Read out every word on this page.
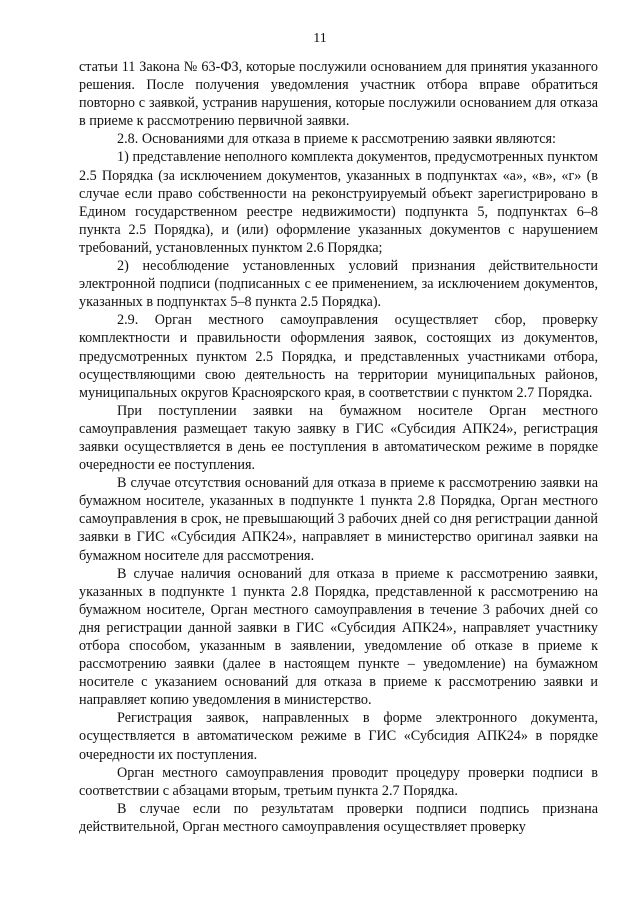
11

статьи 11 Закона № 63-ФЗ, которые послужили основанием для принятия указанного решения. После получения уведомления участник отбора вправе обратиться повторно с заявкой, устранив нарушения, которые послужили основанием для отказа в приеме к рассмотрению первичной заявки.

2.8. Основаниями для отказа в приеме к рассмотрению заявки являются:

1) представление неполного комплекта документов, предусмотренных пунктом 2.5 Порядка (за исключением документов, указанных в подпунктах «а», «в», «г» (в случае если право собственности на реконструируемый объект зарегистрировано в Едином государственном реестре недвижимости) подпункта 5, подпунктах 6–8 пункта 2.5 Порядка), и (или) оформление указанных документов с нарушением требований, установленных пунктом 2.6 Порядка;

2) несоблюдение установленных условий признания действительности электронной подписи (подписанных с ее применением, за исключением документов, указанных в подпунктах 5–8 пункта 2.5 Порядка).

2.9. Орган местного самоуправления осуществляет сбор, проверку комплектности и правильности оформления заявок, состоящих из документов, предусмотренных пунктом 2.5 Порядка, и представленных участниками отбора, осуществляющими свою деятельность на территории муниципальных районов, муниципальных округов Красноярского края, в соответствии с пунктом 2.7 Порядка.

При поступлении заявки на бумажном носителе Орган местного самоуправления размещает такую заявку в ГИС «Субсидия АПК24», регистрация заявки осуществляется в день ее поступления в автоматическом режиме в порядке очередности ее поступления.

В случае отсутствия оснований для отказа в приеме к рассмотрению заявки на бумажном носителе, указанных в подпункте 1 пункта 2.8 Порядка, Орган местного самоуправления в срок, не превышающий 3 рабочих дней со дня регистрации данной заявки в ГИС «Субсидия АПК24», направляет в министерство оригинал заявки на бумажном носителе для рассмотрения.

В случае наличия оснований для отказа в приеме к рассмотрению заявки, указанных в подпункте 1 пункта 2.8 Порядка, представленной к рассмотрению на бумажном носителе, Орган местного самоуправления в течение 3 рабочих дней со дня регистрации данной заявки в ГИС «Субсидия АПК24», направляет участнику отбора способом, указанным в заявлении, уведомление об отказе в приеме к рассмотрению заявки (далее в настоящем пункте – уведомление) на бумажном носителе с указанием оснований для отказа в приеме к рассмотрению заявки и направляет копию уведомления в министерство.

Регистрация заявок, направленных в форме электронного документа, осуществляется в автоматическом режиме в ГИС «Субсидия АПК24» в порядке очередности их поступления.

Орган местного самоуправления проводит процедуру проверки подписи в соответствии с абзацами вторым, третьим пункта 2.7 Порядка.

В случае если по результатам проверки подписи подпись признана действительной, Орган местного самоуправления осуществляет проверку
